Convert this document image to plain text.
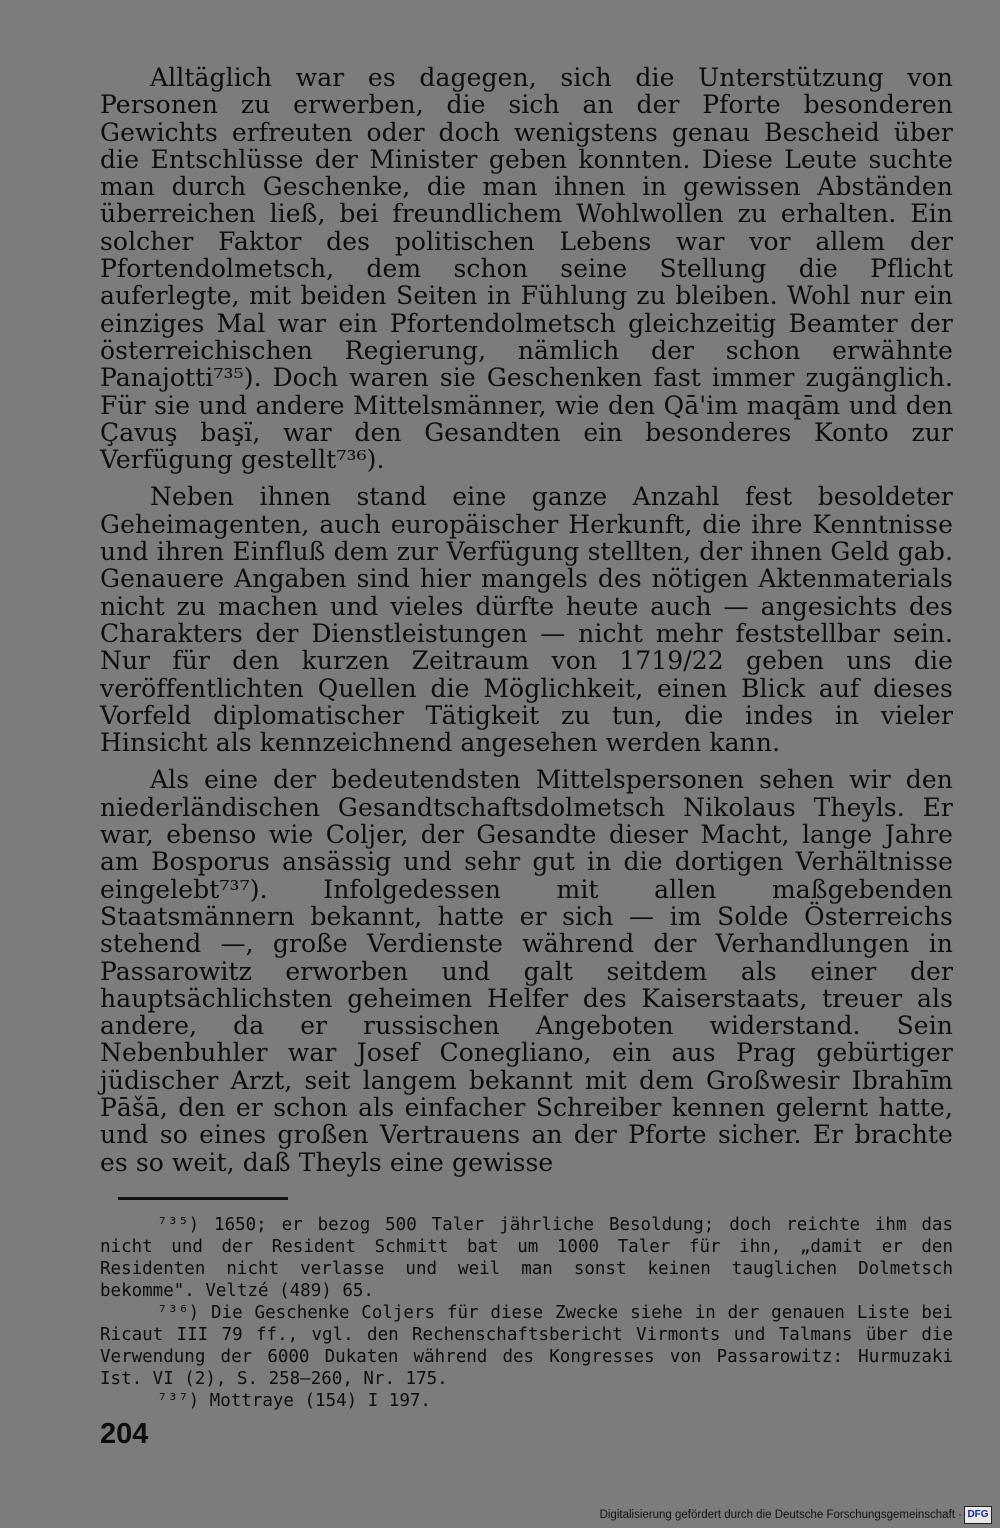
Alltäglich war es dagegen, sich die Unterstützung von Personen zu erwerben, die sich an der Pforte besonderen Gewichts erfreuten oder doch wenigstens genau Bescheid über die Entschlüsse der Minister geben konnten. Diese Leute suchte man durch Geschenke, die man ihnen in gewissen Abständen überreichen ließ, bei freundlichem Wohlwollen zu erhalten. Ein solcher Faktor des politischen Lebens war vor allem der Pfortendolmetsch, dem schon seine Stellung die Pflicht auferlegte, mit beiden Seiten in Fühlung zu bleiben. Wohl nur ein einziges Mal war ein Pfortendolmetsch gleichzeitig Beamter der österreichischen Regierung, nämlich der schon erwähnte Panajotti⁷³⁵). Doch waren sie Geschenken fast immer zugänglich. Für sie und andere Mittelsmänner, wie den Qā'im maqām und den Çavuş başï, war den Gesandten ein besonderes Konto zur Verfügung gestellt⁷³⁶).

Neben ihnen stand eine ganze Anzahl fest besoldeter Geheimagenten, auch europäischer Herkunft, die ihre Kenntnisse und ihren Einfluß dem zur Verfügung stellten, der ihnen Geld gab. Genauere Angaben sind hier mangels des nötigen Aktenmaterials nicht zu machen und vieles dürfte heute auch — angesichts des Charakters der Dienstleistungen — nicht mehr feststellbar sein. Nur für den kurzen Zeitraum von 1719/22 geben uns die veröffentlichten Quellen die Möglichkeit, einen Blick auf dieses Vorfeld diplomatischer Tätigkeit zu tun, die indes in vieler Hinsicht als kennzeichnend angesehen werden kann.

Als eine der bedeutendsten Mittelspersonen sehen wir den niederländischen Gesandtschaftsdolmetsch Nikolaus Theyls. Er war, ebenso wie Coljer, der Gesandte dieser Macht, lange Jahre am Bosporus ansässig und sehr gut in die dortigen Verhältnisse eingelebt⁷³⁷). Infolgedessen mit allen maßgebenden Staatsmännern bekannt, hatte er sich — im Solde Österreichs stehend —, große Verdienste während der Verhandlungen in Passarowitz erworben und galt seitdem als einer der hauptsächlichsten geheimen Helfer des Kaiserstaats, treuer als andere, da er russischen Angeboten widerstand. Sein Nebenbuhler war Josef Conegliano, ein aus Prag gebürtiger jüdischer Arzt, seit langem bekannt mit dem Großwesir Ibrahīm Pāšā, den er schon als einfacher Schreiber kennen gelernt hatte, und so eines großen Vertrauens an der Pforte sicher. Er brachte es so weit, daß Theyls eine gewisse

⁷³⁵) 1650; er bezog 500 Taler jährliche Besoldung; doch reichte ihm das nicht und der Resident Schmitt bat um 1000 Taler für ihn, „damit er den Residenten nicht verlasse und weil man sonst keinen tauglichen Dolmetsch bekomme". Veltzé (489) 65.

⁷³⁶) Die Geschenke Coljers für diese Zwecke siehe in der genauen Liste bei Ricaut III 79 ff., vgl. den Rechenschaftsbericht Virmonts und Talmans über die Verwendung der 6000 Dukaten während des Kongresses von Passarowitz: Hurmuzaki Ist. VI (2), S. 258—260, Nr. 175.

⁷³⁷) Mottraye (154) I 197.

204
Digitalisierung gefördert durch die Deutsche Forschungsgemeinschaft · DFG
